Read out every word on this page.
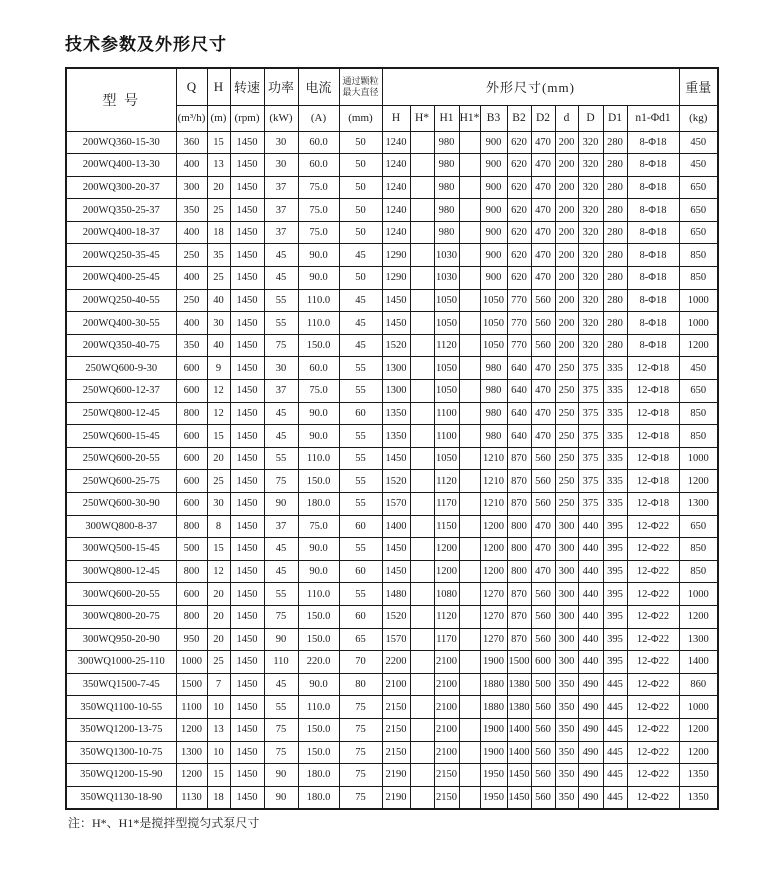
技术参数及外形尺寸
型 号	Q	H	转速	功率	电流	通过颗粒
最大直径	外形尺寸(mm)											重量
	(m³/h)	(m)	(rpm)	(kW)	(A)	(mm)	H	H*	H1	H1*	B3	B2	D2	d	D	D1	n1-Φd1	(kg)
200WQ360-15-30	360	15	1450	30	60.0	50	1240		980		900	620	470	200	320	280	8-Φ18	450
200WQ400-13-30	400	13	1450	30	60.0	50	1240		980		900	620	470	200	320	280	8-Φ18	450
200WQ300-20-37	300	20	1450	37	75.0	50	1240		980		900	620	470	200	320	280	8-Φ18	650
200WQ350-25-37	350	25	1450	37	75.0	50	1240		980		900	620	470	200	320	280	8-Φ18	650
200WQ400-18-37	400	18	1450	37	75.0	50	1240		980		900	620	470	200	320	280	8-Φ18	650
200WQ250-35-45	250	35	1450	45	90.0	45	1290		1030		900	620	470	200	320	280	8-Φ18	850
200WQ400-25-45	400	25	1450	45	90.0	50	1290		1030		900	620	470	200	320	280	8-Φ18	850
200WQ250-40-55	250	40	1450	55	110.0	45	1450		1050		1050	770	560	200	320	280	8-Φ18	1000
200WQ400-30-55	400	30	1450	55	110.0	45	1450		1050		1050	770	560	200	320	280	8-Φ18	1000
200WQ350-40-75	350	40	1450	75	150.0	45	1520		1120		1050	770	560	200	320	280	8-Φ18	1200
250WQ600-9-30	600	9	1450	30	60.0	55	1300		1050		980	640	470	250	375	335	12-Φ18	450
250WQ600-12-37	600	12	1450	37	75.0	55	1300		1050		980	640	470	250	375	335	12-Φ18	650
250WQ800-12-45	800	12	1450	45	90.0	60	1350		1100		980	640	470	250	375	335	12-Φ18	850
250WQ600-15-45	600	15	1450	45	90.0	55	1350		1100		980	640	470	250	375	335	12-Φ18	850
250WQ600-20-55	600	20	1450	55	110.0	55	1450		1050		1210	870	560	250	375	335	12-Φ18	1000
250WQ600-25-75	600	25	1450	75	150.0	55	1520		1120		1210	870	560	250	375	335	12-Φ18	1200
250WQ600-30-90	600	30	1450	90	180.0	55	1570		1170		1210	870	560	250	375	335	12-Φ18	1300
300WQ800-8-37	800	8	1450	37	75.0	60	1400		1150		1200	800	470	300	440	395	12-Φ22	650
300WQ500-15-45	500	15	1450	45	90.0	55	1450		1200		1200	800	470	300	440	395	12-Φ22	850
300WQ800-12-45	800	12	1450	45	90.0	60	1450		1200		1200	800	470	300	440	395	12-Φ22	850
300WQ600-20-55	600	20	1450	55	110.0	55	1480		1080		1270	870	560	300	440	395	12-Φ22	1000
300WQ800-20-75	800	20	1450	75	150.0	60	1520		1120		1270	870	560	300	440	395	12-Φ22	1200
300WQ950-20-90	950	20	1450	90	150.0	65	1570		1170		1270	870	560	300	440	395	12-Φ22	1300
300WQ1000-25-110	1000	25	1450	110	220.0	70	2200		2100		1900	1500	600	300	440	395	12-Φ22	1400
350WQ1500-7-45	1500	7	1450	45	90.0	80	2100		2100		1880	1380	500	350	490	445	12-Φ22	860
350WQ1100-10-55	1100	10	1450	55	110.0	75	2150		2100		1880	1380	560	350	490	445	12-Φ22	1000
350WQ1200-13-75	1200	13	1450	75	150.0	75	2150		2100		1900	1400	560	350	490	445	12-Φ22	1200
350WQ1300-10-75	1300	10	1450	75	150.0	75	2150		2100		1900	1400	560	350	490	445	12-Φ22	1200
350WQ1200-15-90	1200	15	1450	90	180.0	75	2190		2150		1950	1450	560	350	490	445	12-Φ22	1350
350WQ1130-18-90	1130	18	1450	90	180.0	75	2190		2150		1950	1450	560	350	490	445	12-Φ22	1350
注：H*、H1*是搅拌型搅匀式泵尺寸
